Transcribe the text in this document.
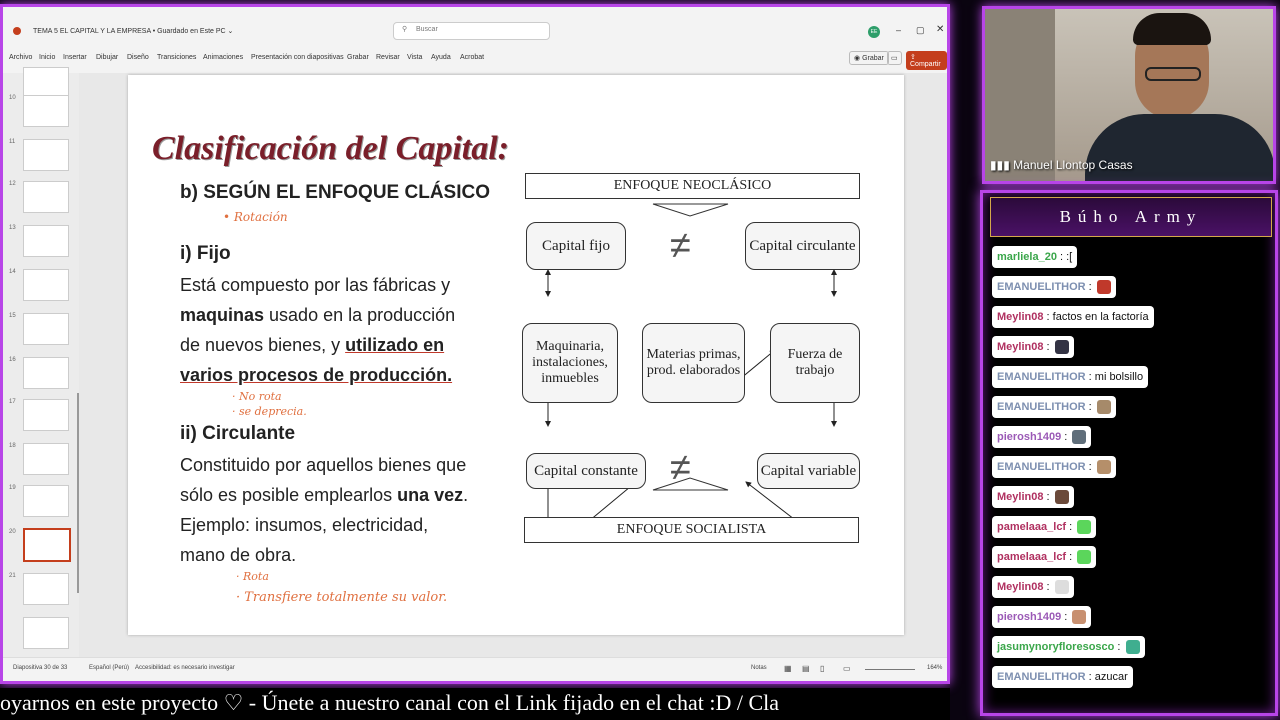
TEMA 5 EL CAPITAL Y LA EMPRESA • Guardado en Este PC ⌄	⚲ Buscar	EE – ▢ ✕
Archivo Inicio Insertar Dibujar Diseño Transiciones Animaciones Presentación con diapositivas Grabar Revisar Vista Ayuda Acrobat	◉ Grabar	▭	⇪ Compartir
10
11
12
13
14
15
16
17
18
19
20
21
Diapositiva 30 de 33	Español (Perú) Accesibilidad: es necesario investigar	Notas ▦ ▤ ▯ ▭	164%
Clasificación del Capital:
b) SEGÚN EL ENFOQUE CLÁSICO
• Rotación
i) Fijo
Está compuesto por las fábricas y
maquinas usado en la producción
de nuevos bienes, y utilizado en
varios procesos de producción.
· No rota
· se deprecia.
ii) Circulante
Constituido por aquellos bienes que
sólo es posible emplearlos una vez.
Ejemplo: insumos, electricidad,
mano de obra.
· Rota
· Transfiere totalmente su valor.
ENFOQUE NEOCLÁSICO
ENFOQUE SOCIALISTA
Capital fijo	Capital circulante
≠
Maquinaria, instalaciones, inmuebles
Materias primas, prod. elaborados
Fuerza de trabajo
Capital constante	Capital variable
≠
▮▮▮ Manuel Llontop Casas
Búho Army
marliela_20 : :[
EMANUELITHOR :
Meylin08 : factos en la factoría
Meylin08 :
EMANUELITHOR : mi bolsillo
EMANUELITHOR :
pierosh1409 :
EMANUELITHOR :
Meylin08 :
pamelaaa_lcf :
pamelaaa_lcf :
Meylin08 :
pierosh1409 :
jasumynoryfloresosco :
EMANUELITHOR : azucar
oyarnos en este proyecto ♡ - Únete a nuestro canal con el Link fijado en el chat :D / Cla
